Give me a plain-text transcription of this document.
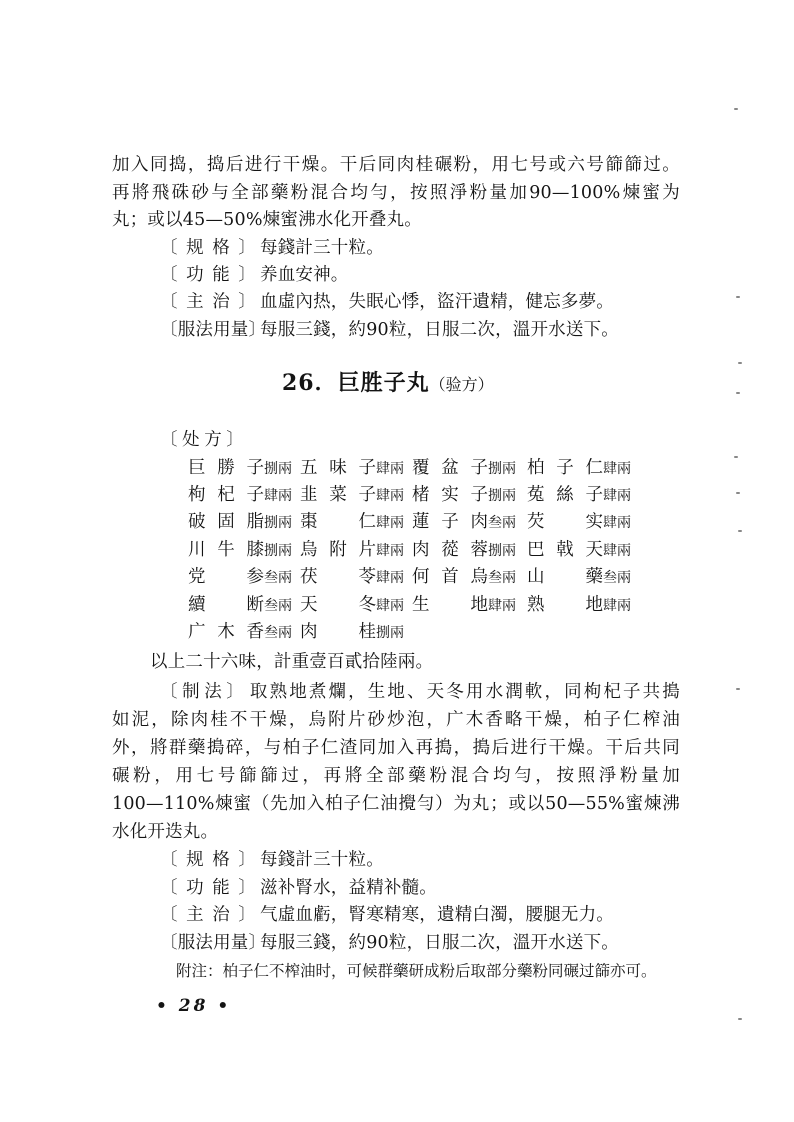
加入同捣，捣后进行干燥。干后同肉桂碾粉，用七号或六号篩篩过。
再將飛硃砂与全部藥粉混合均勻，按照淨粉量加90—100%煉蜜为
丸；或以45—50%煉蜜沸水化开叠丸。
〔规格〕 每錢計三十粒。
〔功能〕 养血安神。
〔主治〕 血虛內热，失眠心悸，盜汗遺精，健忘多夢。
〔服法用量〕每服三錢，約90粒，日服二次，溫开水送下。
26．巨胜子丸（验方）
〔处方〕
巨勝子捌兩 五味子肆兩 覆盆子捌兩 柏子仁肆兩
枸杞子肆兩 韭菜子肆兩 楮实子捌兩 菟絲子肆兩
破固脂捌兩 棗仁肆兩 蓮子肉叁兩 芡实肆兩
川牛膝捌兩 烏附片肆兩 肉蓯蓉捌兩 巴戟天肆兩
党参叁兩 茯苓肆兩 何首烏叁兩 山藥叁兩
續断叁兩 天冬肆兩 生地肆兩 熟地肆兩
广木香叁兩 肉桂捌兩
以上二十六味，計重壹百貳拾陸兩。
〔制法〕 取熟地煮爛，生地、天冬用水潤軟，同枸杞子共搗
如泥，除肉桂不干燥，烏附片砂炒泡，广木香略干燥，柏子仁榨油
外，將群藥搗碎，与柏子仁渣同加入再搗，搗后进行干燥。干后共同
碾粉，用七号篩篩过，再將全部藥粉混合均勻，按照淨粉量加
100—110%煉蜜（先加入柏子仁油攪勻）为丸；或以50—55%蜜煉沸
水化开迭丸。
〔规格〕 每錢計三十粒。
〔功能〕 滋补腎水，益精补髓。
〔主治〕 气虛血虧，腎寒精寒，遺精白濁，腰腿无力。
〔服法用量〕每服三錢，約90粒，日服二次，溫开水送下。
附注：柏子仁不榨油时，可候群藥研成粉后取部分藥粉同碾过篩亦可。
• 28 •
